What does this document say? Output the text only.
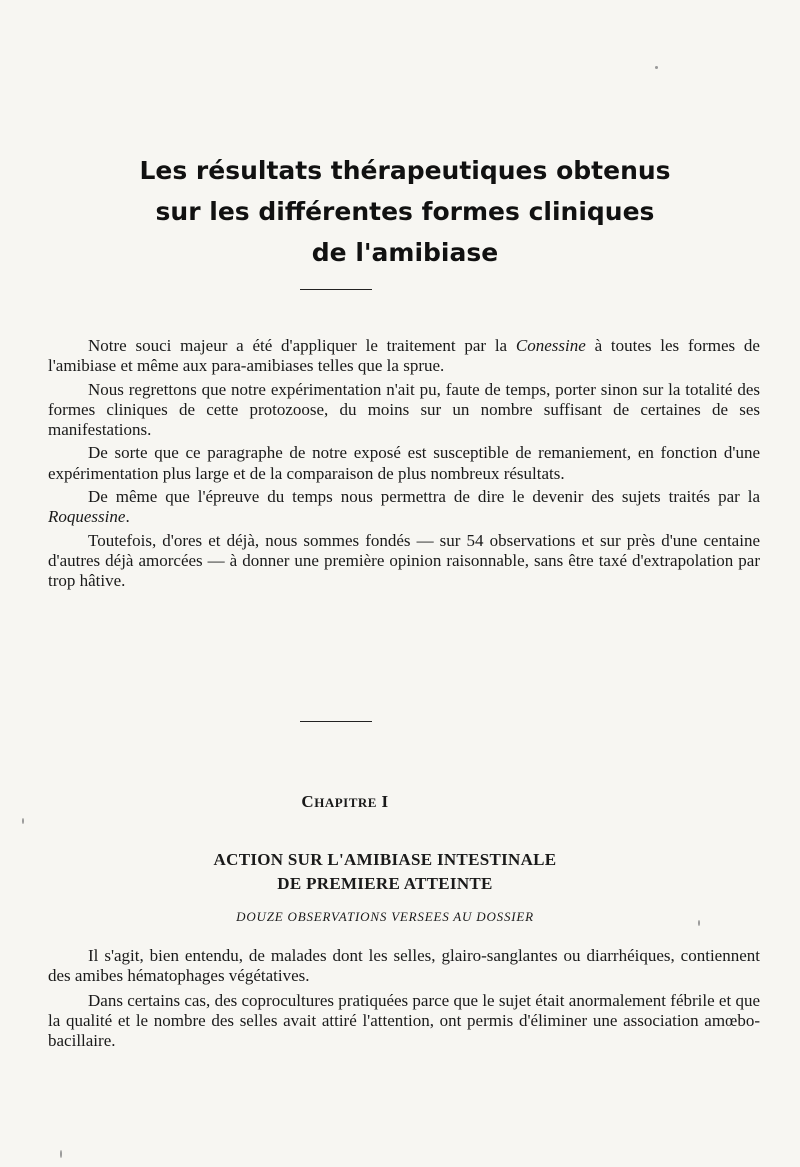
Les résultats thérapeutiques obtenus
sur les différentes formes cliniques
de l'amibiase

Notre souci majeur a été d'appliquer le traitement par la Conessine à toutes les formes de l'amibiase et même aux para-amibiases telles que la sprue.

Nous regrettons que notre expérimentation n'ait pu, faute de temps, porter sinon sur la totalité des formes cliniques de cette protozoose, du moins sur un nombre suffisant de certaines de ses manifestations.

De sorte que ce paragraphe de notre exposé est susceptible de remaniement, en fonction d'une expérimentation plus large et de la comparaison de plus nombreux résultats.

De même que l'épreuve du temps nous permettra de dire le devenir des sujets traités par la Roquessine.

Toutefois, d'ores et déjà, nous sommes fondés — sur 54 observations et sur près d'une centaine d'autres déjà amorcées — à donner une première opinion raisonnable, sans être taxé d'extrapolation par trop hâtive.

CHAPITRE I
ACTION SUR L'AMIBIASE INTESTINALE
DE PREMIERE ATTEINTE
DOUZE OBSERVATIONS VERSEES AU DOSSIER

Il s'agit, bien entendu, de malades dont les selles, glairo-sanglantes ou diarrhéiques, contiennent des amibes hématophages végétatives.

Dans certains cas, des coprocultures pratiquées parce que le sujet était anormalement fébrile et que la qualité et le nombre des selles avait attiré l'attention, ont permis d'éliminer une association amœbo-bacillaire.
